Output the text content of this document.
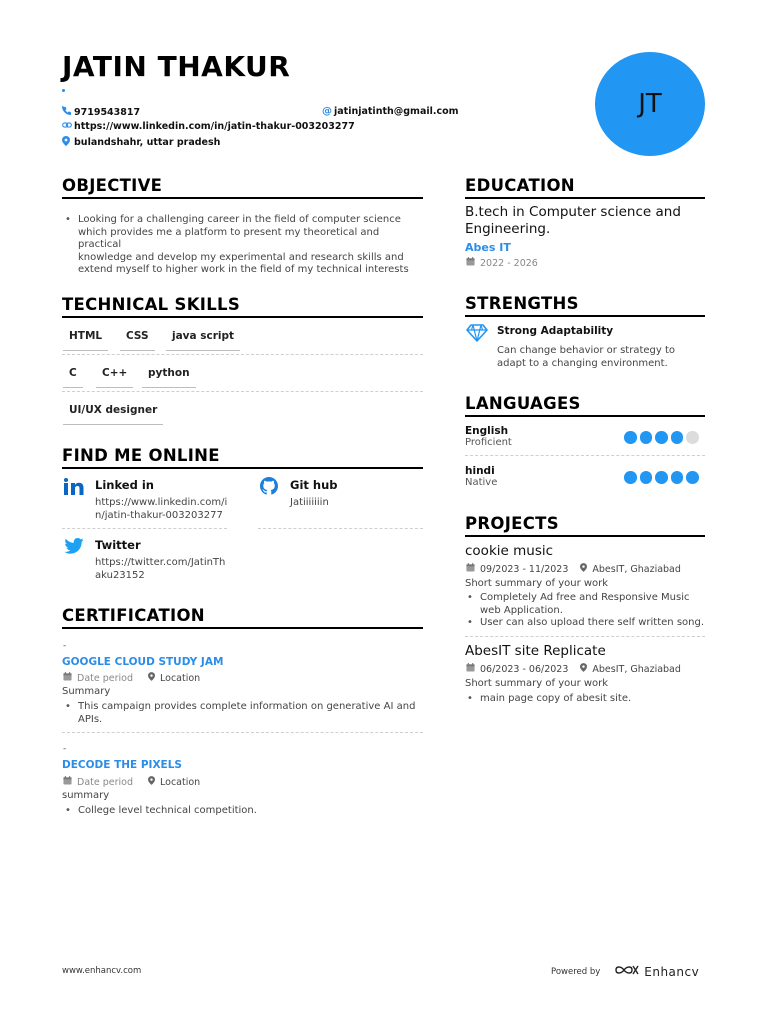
JATIN THAKUR
9719543817	@ jatinjatinth@gmail.com
https://www.linkedin.com/in/jatin-thakur-003203277
bulandshahr, uttar pradesh
JT
OBJECTIVE
• Looking for a challenging career in the field of computer science
which provides me a platform to present my theoretical and practical
knowledge and develop my experimental and research skills and
extend myself to higher work in the field of my technical interests
TECHNICAL SKILLS
HTML	CSS	java script
C	C++	python
UI/UX designer
FIND ME ONLINE
Linked in
https://www.linkedin.com/i
n/jatin-thakur-003203277
Git hub
Jatiiiiiiin
Twitter
https://twitter.com/JatinTh
aku23152
CERTIFICATION
-
GOOGLE CLOUD STUDY JAM
Date period	Location
Summary
• This campaign provides complete information on generative AI and
APIs.
-
DECODE THE PIXELS
Date period	Location
summary
• College level technical competition.
EDUCATION
B.tech in Computer science and Engineering.
Abes IT
2022 - 2026
STRENGTHS
Strong Adaptability
Can change behavior or strategy to
adapt to a changing environment.
LANGUAGES
English
Proficient
hindi
Native
PROJECTS
cookie music
09/2023 - 11/2023	AbesIT, Ghaziabad
Short summary of your work
• Completely Ad free and Responsive Music
web Application.
• User can also upload there self written song.
AbesIT site Replicate
06/2023 - 06/2023	AbesIT, Ghaziabad
Short summary of your work
• main page copy of abesit site.
www.enhancv.com	Powered by	Enhancv
